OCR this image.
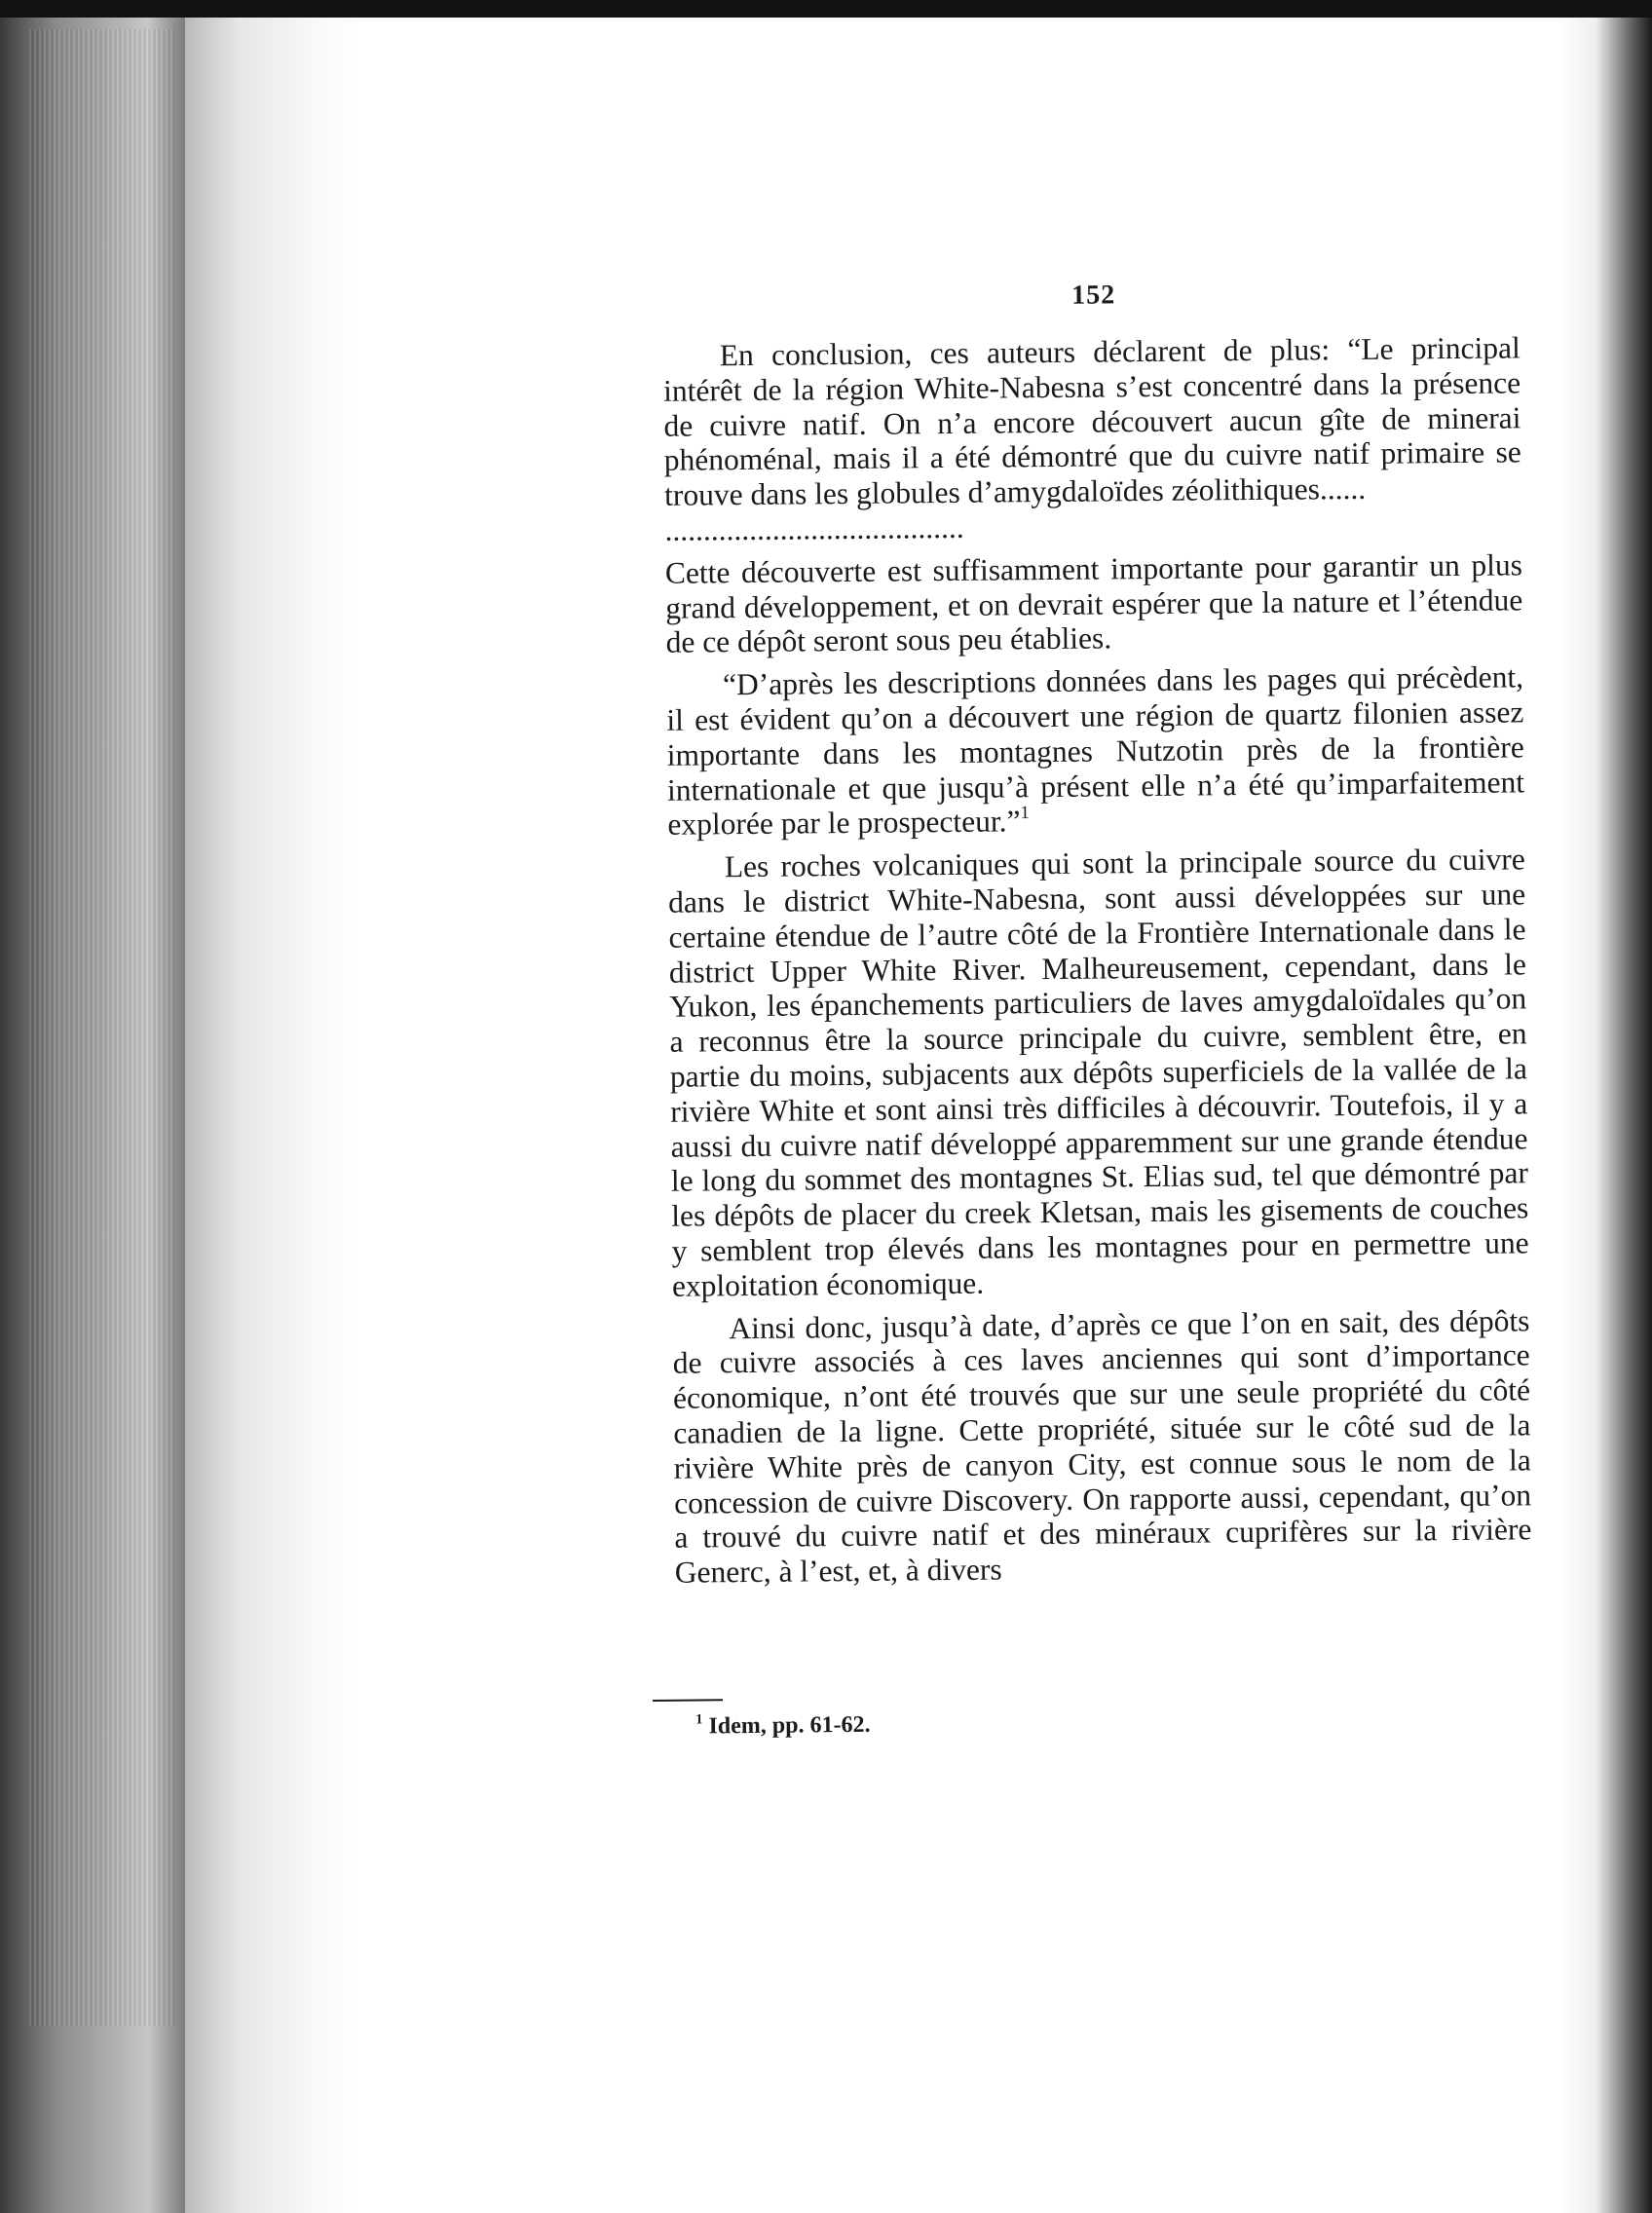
152

En conclusion, ces auteurs déclarent de plus: “Le principal intérêt de la région White-Nabesna s’est concentré dans la présence de cuivre natif. On n’a encore découvert aucun gîte de minerai phénoménal, mais il a été démontré que du cuivre natif primaire se trouve dans les globules d’amygdaloïdes zéolithiques......
.......................................

Cette découverte est suffisamment importante pour garantir un plus grand développement, et on devrait espérer que la nature et l’étendue de ce dépôt seront sous peu établies.

“D’après les descriptions données dans les pages qui précèdent, il est évident qu’on a découvert une région de quartz filonien assez importante dans les montagnes Nutzotin près de la frontière internationale et que jusqu’à présent elle n’a été qu’imparfaitement explorée par le prospecteur.”$^1$

Les roches volcaniques qui sont la principale source du cuivre dans le district White-Nabesna, sont aussi développées sur une certaine étendue de l’autre côté de la Frontière Internationale dans le district Upper White River. Malheureusement, cependant, dans le Yukon, les épanchements particuliers de laves amygdaloïdales qu’on a reconnus être la source principale du cuivre, semblent être, en partie du moins, subjacents aux dépôts superficiels de la vallée de la rivière White et sont ainsi très difficiles à découvrir. Toutefois, il y a aussi du cuivre natif développé apparemment sur une grande étendue le long du sommet des montagnes St. Elias sud, tel que démontré par les dépôts de placer du creek Kletsan, mais les gisements de couches y semblent trop élevés dans les montagnes pour en permettre une exploitation économique.

Ainsi donc, jusqu’à date, d’après ce que l’on en sait, des dépôts de cuivre associés à ces laves anciennes qui sont d’importance économique, n’ont été trouvés que sur une seule propriété du côté canadien de la ligne. Cette propriété, située sur le côté sud de la rivière White près de canyon City, est connue sous le nom de la concession de cuivre Discovery. On rapporte aussi, cependant, qu’on a trouvé du cuivre natif et des minéraux cuprifères sur la rivière Generc, à l’est, et, à divers

$^1$ Idem, pp. 61-62.
